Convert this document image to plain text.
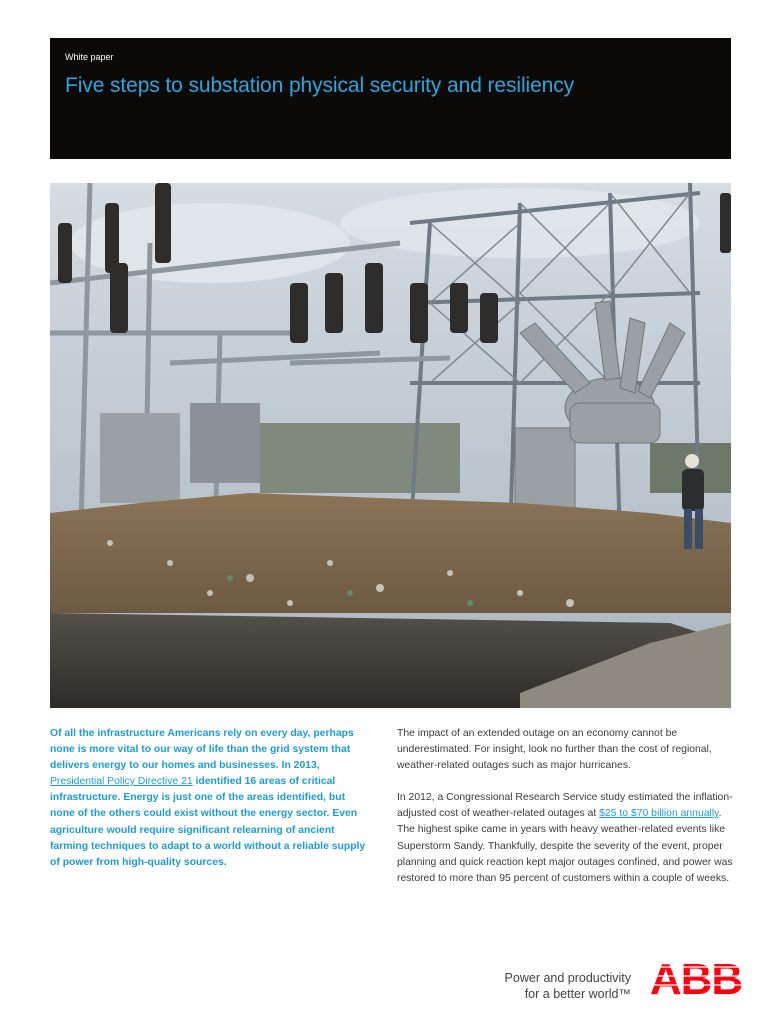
White paper
Five steps to substation physical security and resiliency

Of all the infrastructure Americans rely on every day, perhaps none is more vital to our way of life than the grid system that delivers energy to our homes and businesses. In 2013, Presidential Policy Directive 21 identified 16 areas of critical infrastructure. Energy is just one of the areas identified, but none of the others could exist without the energy sector. Even agriculture would require significant relearning of ancient farming techniques to adapt to a world without a reliable supply of power from high-quality sources.

The impact of an extended outage on an economy cannot be underestimated. For insight, look no further than the cost of regional, weather-related outages such as major hurricanes.

In 2012, a Congressional Research Service study estimated the inflation-adjusted cost of weather-related outages at $25 to $70 billion annually. The highest spike came in years with heavy weather-related events like Superstorm Sandy. Thankfully, despite the severity of the event, proper planning and quick reaction kept major outages confined, and power was restored to more than 95 percent of customers within a couple of weeks.

Power and productivity
for a better world™ ABB
